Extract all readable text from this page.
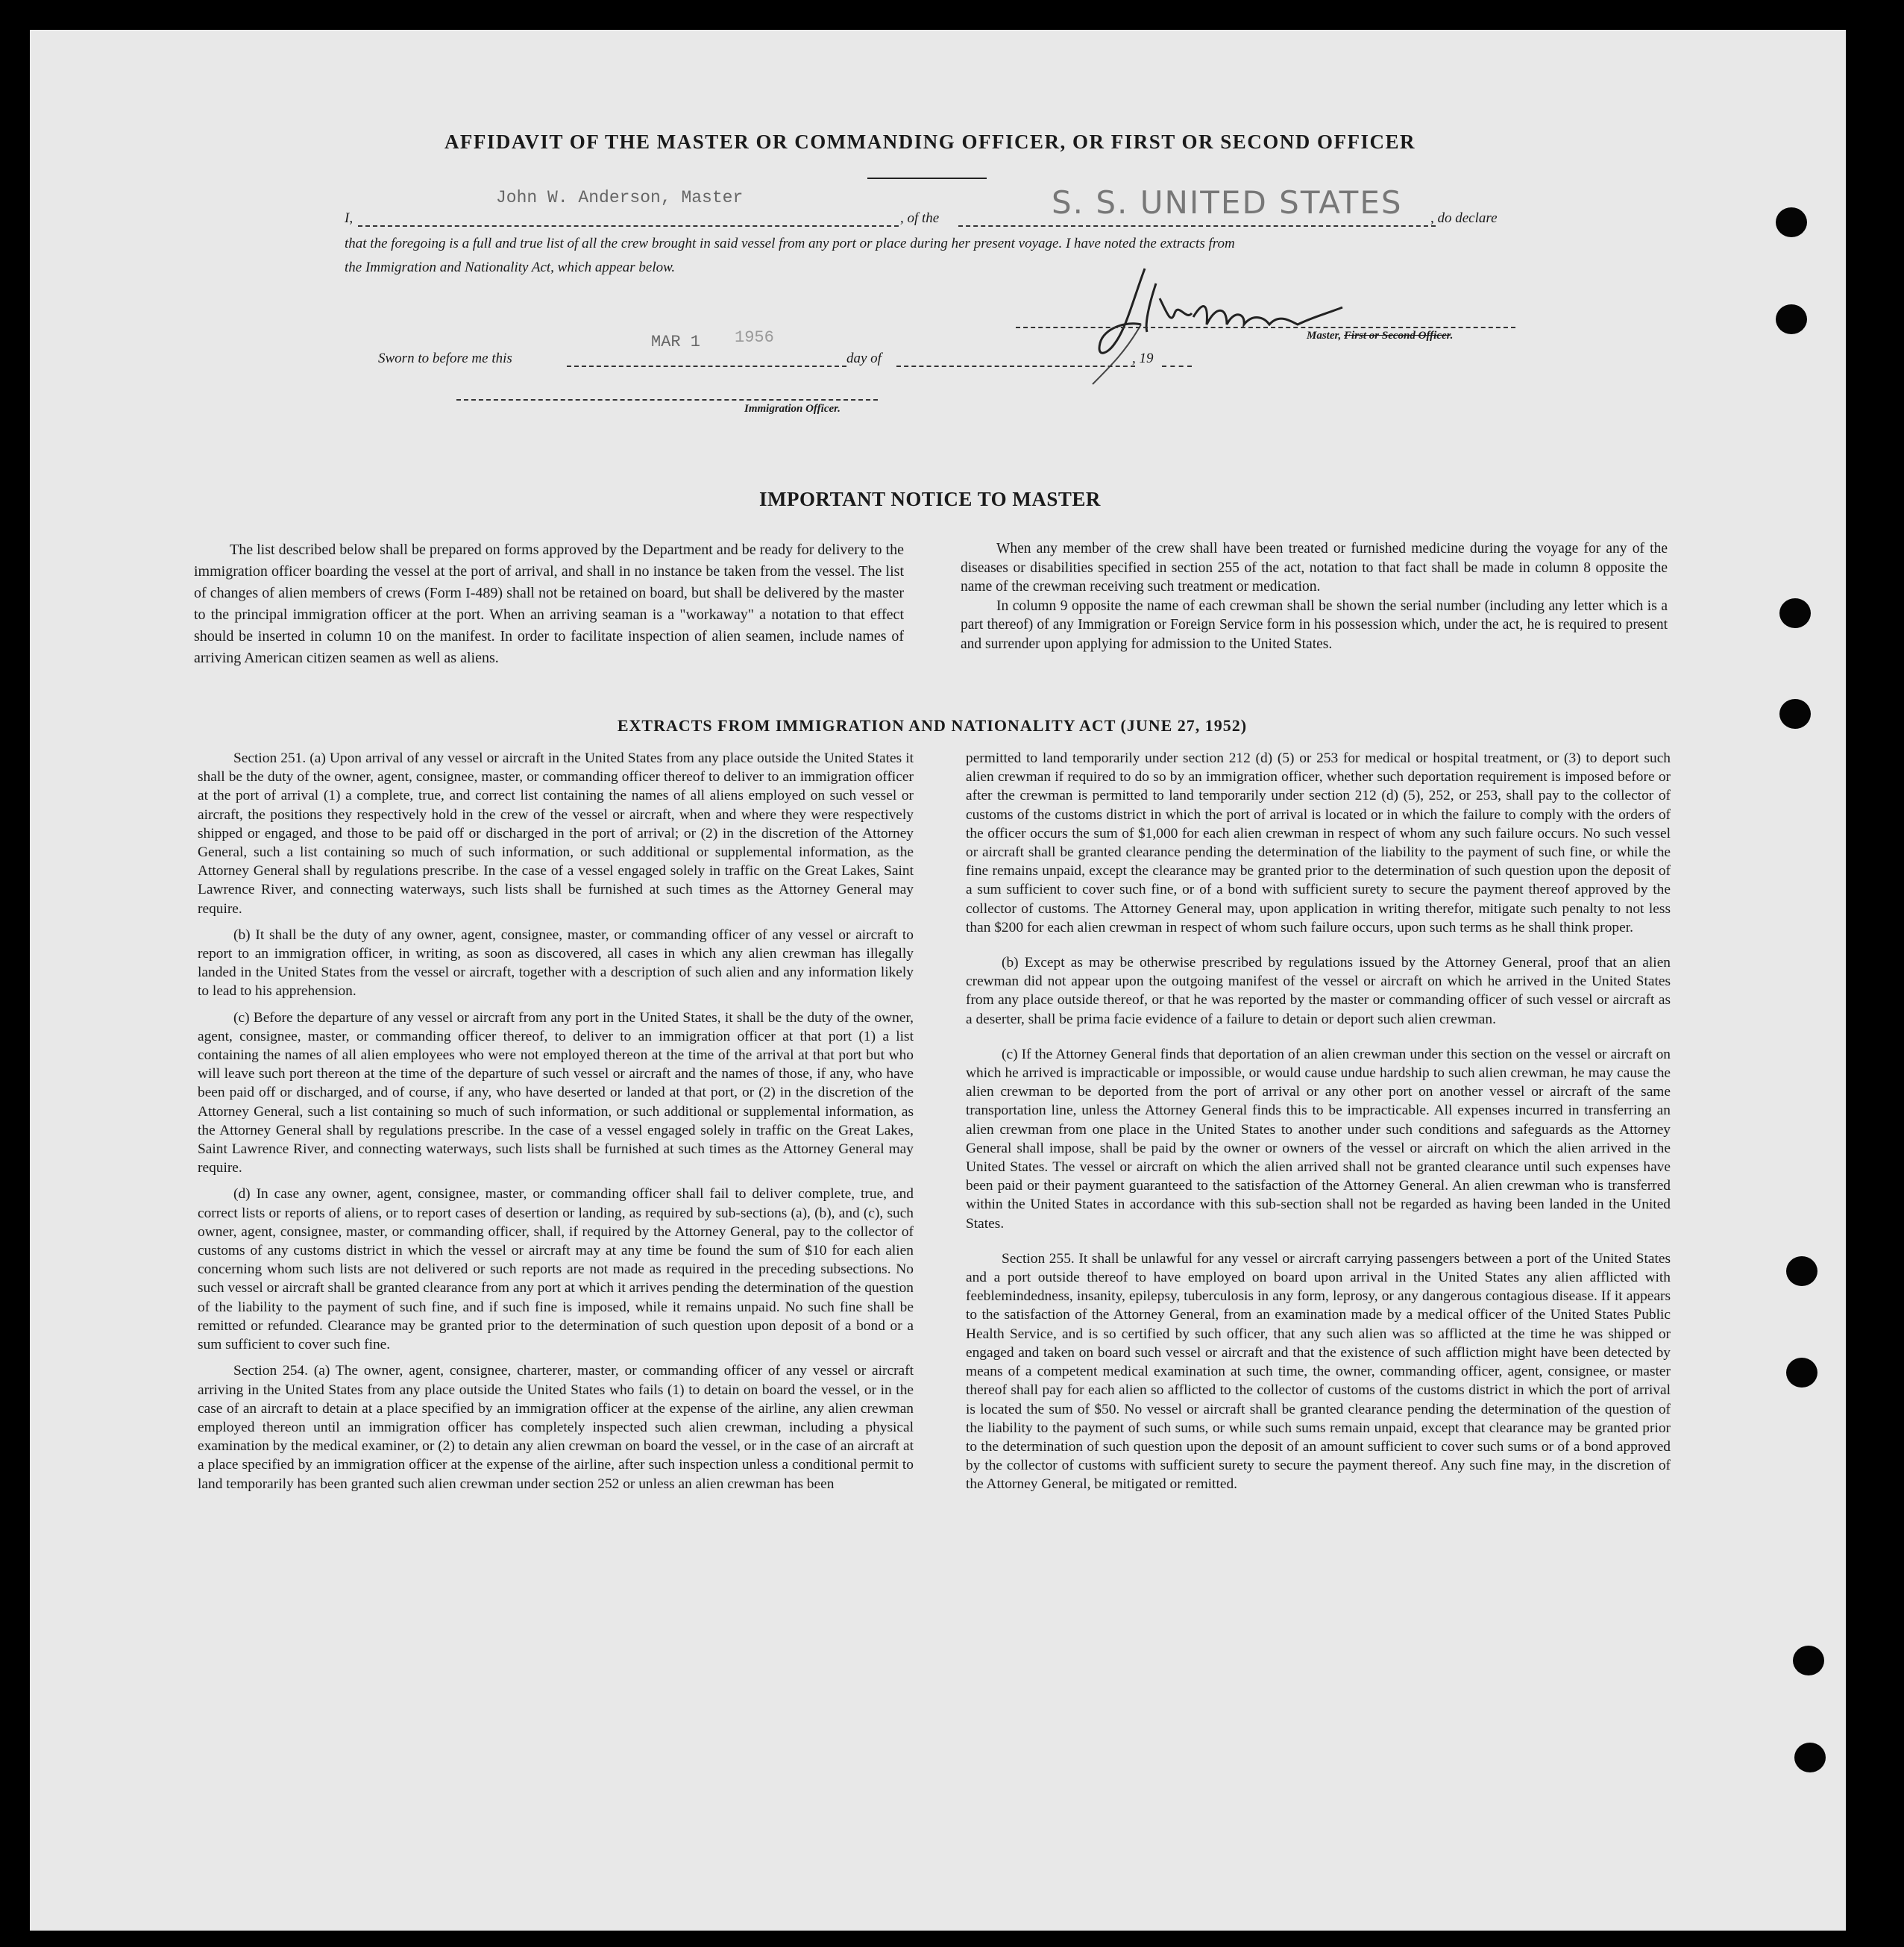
AFFIDAVIT OF THE MASTER OR COMMANDING OFFICER, OR FIRST OR SECOND OFFICER
I,
John W. Anderson, Master
, of the	S. S. UNITED STATES , do declare
that the foregoing is a full and true list of all the crew brought in said vessel from any port or place during her present voyage. I have noted the extracts from
the Immigration and Nationality Act, which appear below.
Master, First or Second Officer.
Sworn to before me this
MAR 1 1956
day of	, 19
Immigration Officer.
IMPORTANT NOTICE TO MASTER

The list described below shall be prepared on forms approved by the Department and be ready for delivery to the immigration officer boarding the vessel at the port of arrival, and shall in no instance be taken from the vessel. The list of changes of alien members of crews (Form I-489) shall not be retained on board, but shall be delivered by the master to the principal immigration officer at the port. When an arriving seaman is a "workaway" a notation to that effect should be inserted in column 10 on the manifest. In order to facilitate inspection of alien seamen, include names of arriving American citizen seamen as well as aliens.

When any member of the crew shall have been treated or furnished medicine during the voyage for any of the diseases or disabilities specified in section 255 of the act, notation to that fact shall be made in column 8 opposite the name of the crewman receiving such treatment or medication.

In column 9 opposite the name of each crewman shall be shown the serial number (including any letter which is a part thereof) of any Immigration or Foreign Service form in his possession which, under the act, he is required to present and surrender upon applying for admission to the United States.

EXTRACTS FROM IMMIGRATION AND NATIONALITY ACT (JUNE 27, 1952)

Section 251. (a) Upon arrival of any vessel or aircraft in the United States from any place outside the United States it shall be the duty of the owner, agent, consignee, master, or commanding officer thereof to deliver to an immigration officer at the port of arrival (1) a complete, true, and correct list containing the names of all aliens employed on such vessel or aircraft, the positions they respectively hold in the crew of the vessel or aircraft, when and where they were respectively shipped or engaged, and those to be paid off or discharged in the port of arrival; or (2) in the discretion of the Attorney General, such a list containing so much of such information, or such additional or supplemental information, as the Attorney General shall by regulations prescribe. In the case of a vessel engaged solely in traffic on the Great Lakes, Saint Lawrence River, and connecting waterways, such lists shall be furnished at such times as the Attorney General may require.

(b) It shall be the duty of any owner, agent, consignee, master, or commanding officer of any vessel or aircraft to report to an immigration officer, in writing, as soon as discovered, all cases in which any alien crewman has illegally landed in the United States from the vessel or aircraft, together with a description of such alien and any information likely to lead to his apprehension.

(c) Before the departure of any vessel or aircraft from any port in the United States, it shall be the duty of the owner, agent, consignee, master, or commanding officer thereof, to deliver to an immigration officer at that port (1) a list containing the names of all alien employees who were not employed thereon at the time of the arrival at that port but who will leave such port thereon at the time of the departure of such vessel or aircraft and the names of those, if any, who have been paid off or discharged, and of course, if any, who have deserted or landed at that port, or (2) in the discretion of the Attorney General, such a list containing so much of such information, or such additional or supplemental information, as the Attorney General shall by regulations prescribe. In the case of a vessel engaged solely in traffic on the Great Lakes, Saint Lawrence River, and connecting waterways, such lists shall be furnished at such times as the Attorney General may require.

(d) In case any owner, agent, consignee, master, or commanding officer shall fail to deliver complete, true, and correct lists or reports of aliens, or to report cases of desertion or landing, as required by sub-sections (a), (b), and (c), such owner, agent, consignee, master, or commanding officer, shall, if required by the Attorney General, pay to the collector of customs of any customs district in which the vessel or aircraft may at any time be found the sum of $10 for each alien concerning whom such lists are not delivered or such reports are not made as required in the preceding subsections. No such vessel or aircraft shall be granted clearance from any port at which it arrives pending the determination of the question of the liability to the payment of such fine, and if such fine is imposed, while it remains unpaid. No such fine shall be remitted or refunded. Clearance may be granted prior to the determination of such question upon deposit of a bond or a sum sufficient to cover such fine.

Section 254. (a) The owner, agent, consignee, charterer, master, or commanding officer of any vessel or aircraft arriving in the United States from any place outside the United States who fails (1) to detain on board the vessel, or in the case of an aircraft to detain at a place specified by an immigration officer at the expense of the airline, any alien crewman employed thereon until an immigration officer has completely inspected such alien crewman, including a physical examination by the medical examiner, or (2) to detain any alien crewman on board the vessel, or in the case of an aircraft at a place specified by an immigration officer at the expense of the airline, after such inspection unless a conditional permit to land temporarily has been granted such alien crewman under section 252 or unless an alien crewman has been

permitted to land temporarily under section 212 (d) (5) or 253 for medical or hospital treatment, or (3) to deport such alien crewman if required to do so by an immigration officer, whether such deportation requirement is imposed before or after the crewman is permitted to land temporarily under section 212 (d) (5), 252, or 253, shall pay to the collector of customs of the customs district in which the port of arrival is located or in which the failure to comply with the orders of the officer occurs the sum of $1,000 for each alien crewman in respect of whom any such failure occurs. No such vessel or aircraft shall be granted clearance pending the determination of the liability to the payment of such fine, or while the fine remains unpaid, except the clearance may be granted prior to the determination of such question upon the deposit of a sum sufficient to cover such fine, or of a bond with sufficient surety to secure the payment thereof approved by the collector of customs. The Attorney General may, upon application in writing therefor, mitigate such penalty to not less than $200 for each alien crewman in respect of whom such failure occurs, upon such terms as he shall think proper.

(b) Except as may be otherwise prescribed by regulations issued by the Attorney General, proof that an alien crewman did not appear upon the outgoing manifest of the vessel or aircraft on which he arrived in the United States from any place outside thereof, or that he was reported by the master or commanding officer of such vessel or aircraft as a deserter, shall be prima facie evidence of a failure to detain or deport such alien crewman.

(c) If the Attorney General finds that deportation of an alien crewman under this section on the vessel or aircraft on which he arrived is impracticable or impossible, or would cause undue hardship to such alien crewman, he may cause the alien crewman to be deported from the port of arrival or any other port on another vessel or aircraft of the same transportation line, unless the Attorney General finds this to be impracticable. All expenses incurred in transferring an alien crewman from one place in the United States to another under such conditions and safeguards as the Attorney General shall impose, shall be paid by the owner or owners of the vessel or aircraft on which the alien arrived in the United States. The vessel or aircraft on which the alien arrived shall not be granted clearance until such expenses have been paid or their payment guaranteed to the satisfaction of the Attorney General. An alien crewman who is transferred within the United States in accordance with this sub-section shall not be regarded as having been landed in the United States.

Section 255. It shall be unlawful for any vessel or aircraft carrying passengers between a port of the United States and a port outside thereof to have employed on board upon arrival in the United States any alien afflicted with feeblemindedness, insanity, epilepsy, tuberculosis in any form, leprosy, or any dangerous contagious disease. If it appears to the satisfaction of the Attorney General, from an examination made by a medical officer of the United States Public Health Service, and is so certified by such officer, that any such alien was so afflicted at the time he was shipped or engaged and taken on board such vessel or aircraft and that the existence of such affliction might have been detected by means of a competent medical examination at such time, the owner, commanding officer, agent, consignee, or master thereof shall pay for each alien so afflicted to the collector of customs of the customs district in which the port of arrival is located the sum of $50. No vessel or aircraft shall be granted clearance pending the determination of the question of the liability to the payment of such sums, or while such sums remain unpaid, except that clearance may be granted prior to the determination of such question upon the deposit of an amount sufficient to cover such sums or of a bond approved by the collector of customs with sufficient surety to secure the payment thereof. Any such fine may, in the discretion of the Attorney General, be mitigated or remitted.
